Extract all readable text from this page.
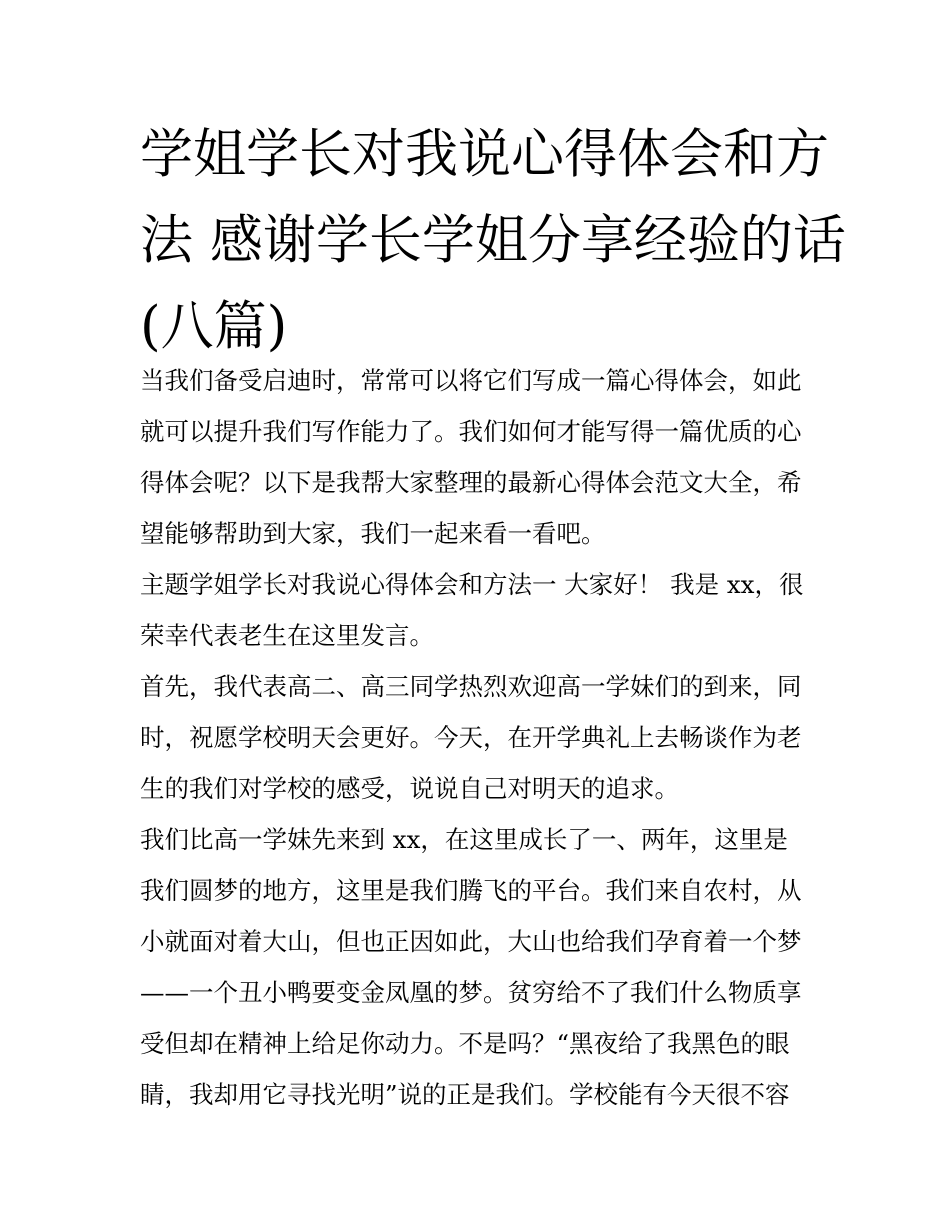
学姐学长对我说心得体会和方
法 感谢学长学姐分享经验的话
(八篇)
当我们备受启迪时，常常可以将它们写成一篇心得体会，如此
就可以提升我们写作能力了。我们如何才能写得一篇优质的心
得体会呢？以下是我帮大家整理的最新心得体会范文大全，希
望能够帮助到大家，我们一起来看一看吧。
主题学姐学长对我说心得体会和方法一 大家好！ 我是 xx，很
荣幸代表老生在这里发言。
首先，我代表高二、高三同学热烈欢迎高一学妹们的到来，同
时，祝愿学校明天会更好。今天，在开学典礼上去畅谈作为老
生的我们对学校的感受，说说自己对明天的追求。
我们比高一学妹先来到 xx，在这里成长了一、两年，这里是
我们圆梦的地方，这里是我们腾飞的平台。我们来自农村，从
小就面对着大山，但也正因如此，大山也给我们孕育着一个梦
——一个丑小鸭要变金凤凰的梦。贫穷给不了我们什么物质享
受但却在精神上给足你动力。不是吗？“黑夜给了我黑色的眼
睛，我却用它寻找光明”说的正是我们。学校能有今天很不容
